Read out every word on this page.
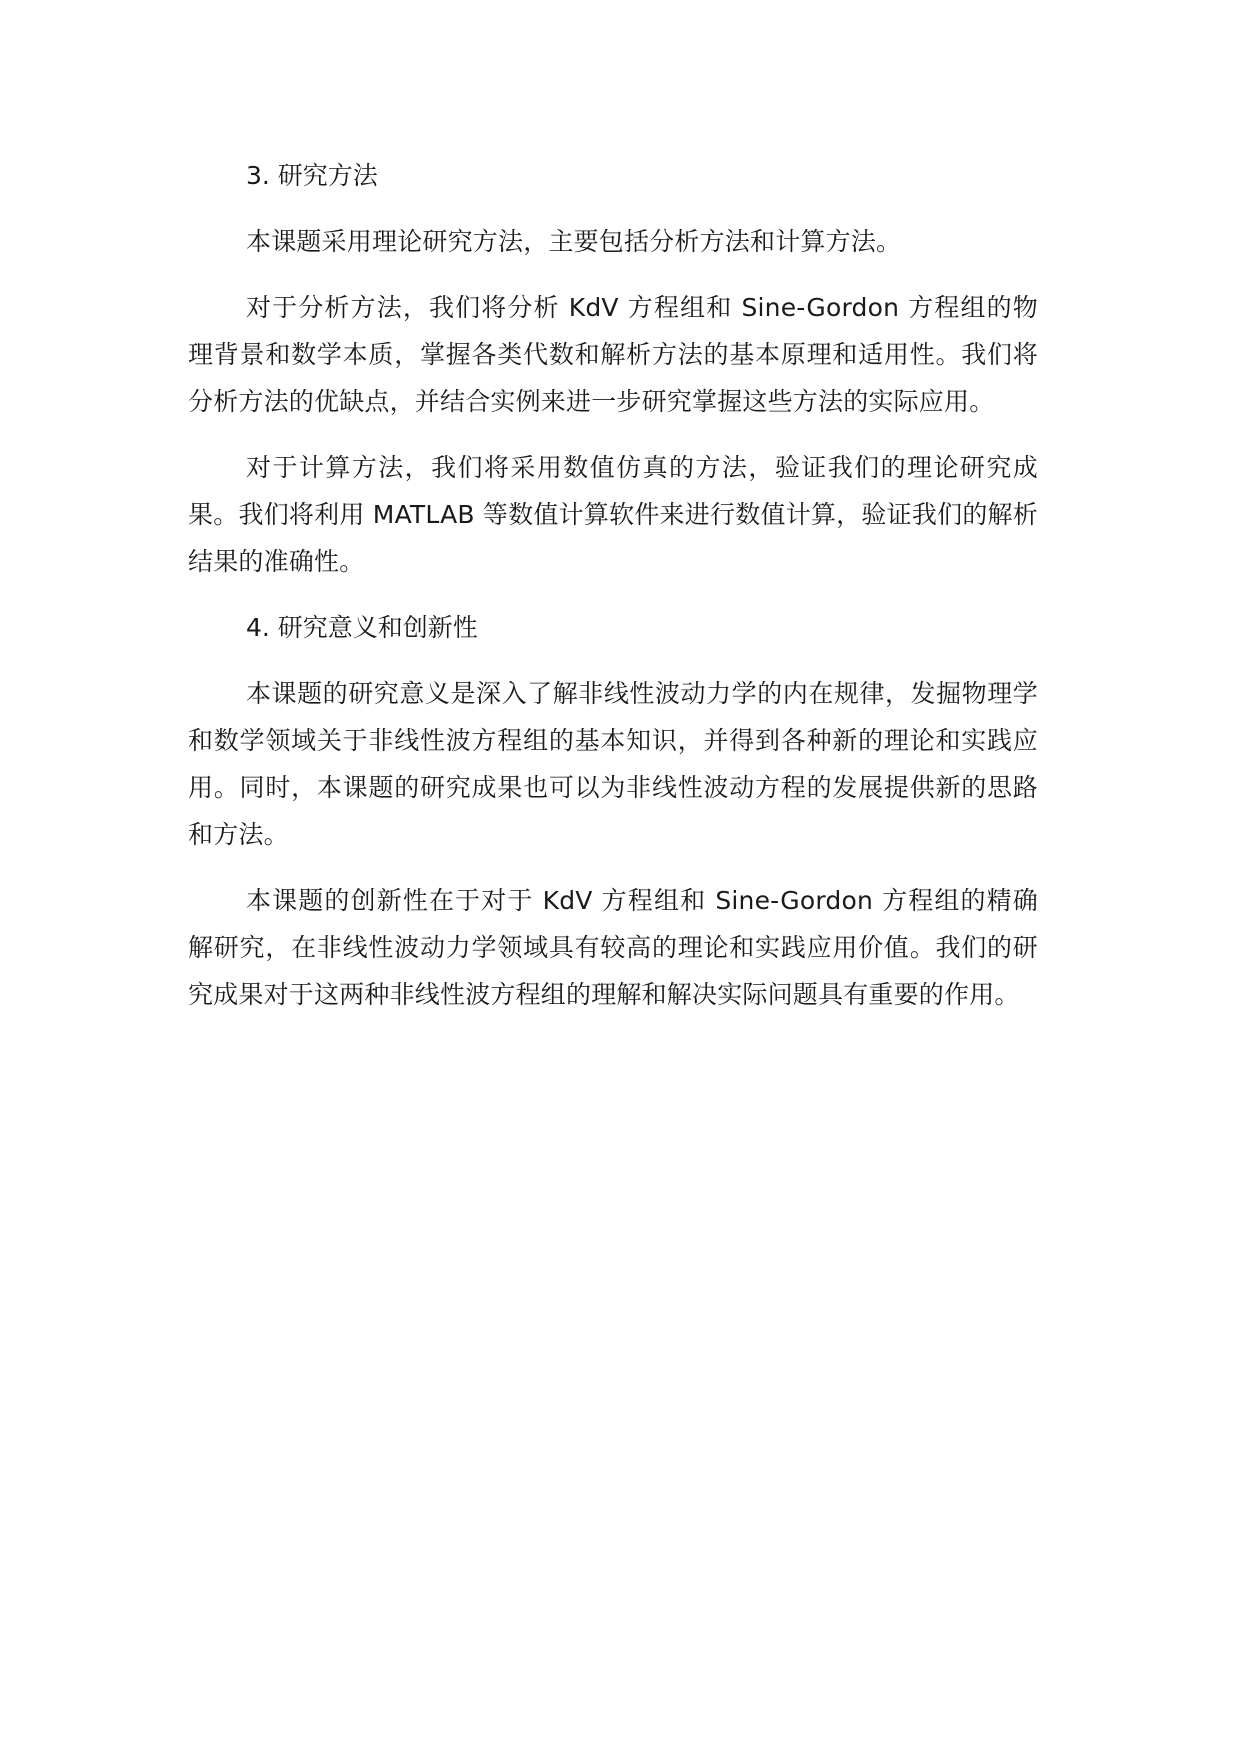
3. 研究方法

本课题采用理论研究方法，主要包括分析方法和计算方法。

对于分析方法，我们将分析 KdV 方程组和 Sine-Gordon 方程组的物理背景和数学本质，掌握各类代数和解析方法的基本原理和适用性。我们将分析方法的优缺点，并结合实例来进一步研究掌握这些方法的实际应用。

对于计算方法，我们将采用数值仿真的方法，验证我们的理论研究成果。我们将利用 MATLAB 等数值计算软件来进行数值计算，验证我们的解析结果的准确性。

4. 研究意义和创新性

本课题的研究意义是深入了解非线性波动力学的内在规律，发掘物理学和数学领域关于非线性波方程组的基本知识，并得到各种新的理论和实践应用。同时，本课题的研究成果也可以为非线性波动方程的发展提供新的思路和方法。

本课题的创新性在于对于 KdV 方程组和 Sine-Gordon 方程组的精确解研究，在非线性波动力学领域具有较高的理论和实践应用价值。我们的研究成果对于这两种非线性波方程组的理解和解决实际问题具有重要的作用。
